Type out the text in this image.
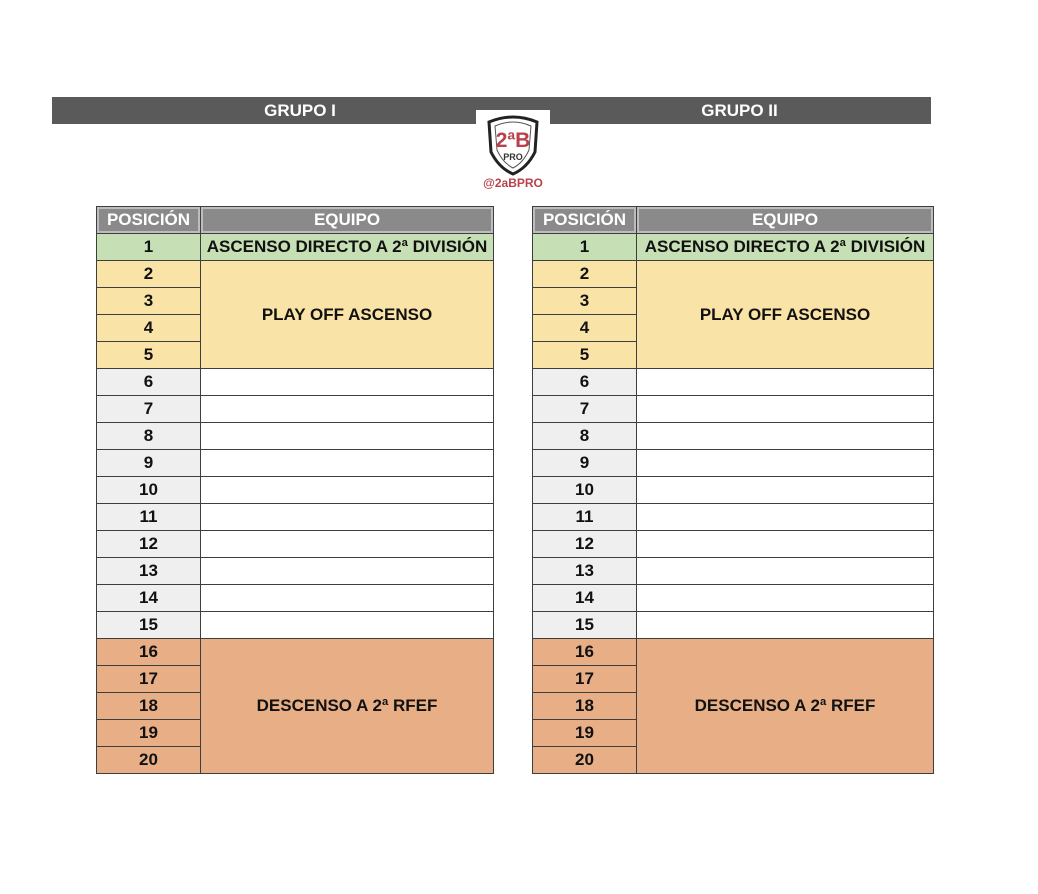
GRUPO I	GRUPO II
2ªB
PRO
@2aBPRO
POSICIÓN	EQUIPO
1	ASCENSO DIRECTO A 2ª DIVISIÓN
2	PLAY OFF ASCENSO
3	
4	
5	
6	
7	
8	
9	
10	
11	
12	
13	
14	
15	
16	DESCENSO A 2ª RFEF
17	
18	
19	
20	
POSICIÓN	EQUIPO
1	ASCENSO DIRECTO A 2ª DIVISIÓN
2	PLAY OFF ASCENSO
3	
4	
5	
6	
7	
8	
9	
10	
11	
12	
13	
14	
15	
16	DESCENSO A 2ª RFEF
17	
18	
19	
20	
